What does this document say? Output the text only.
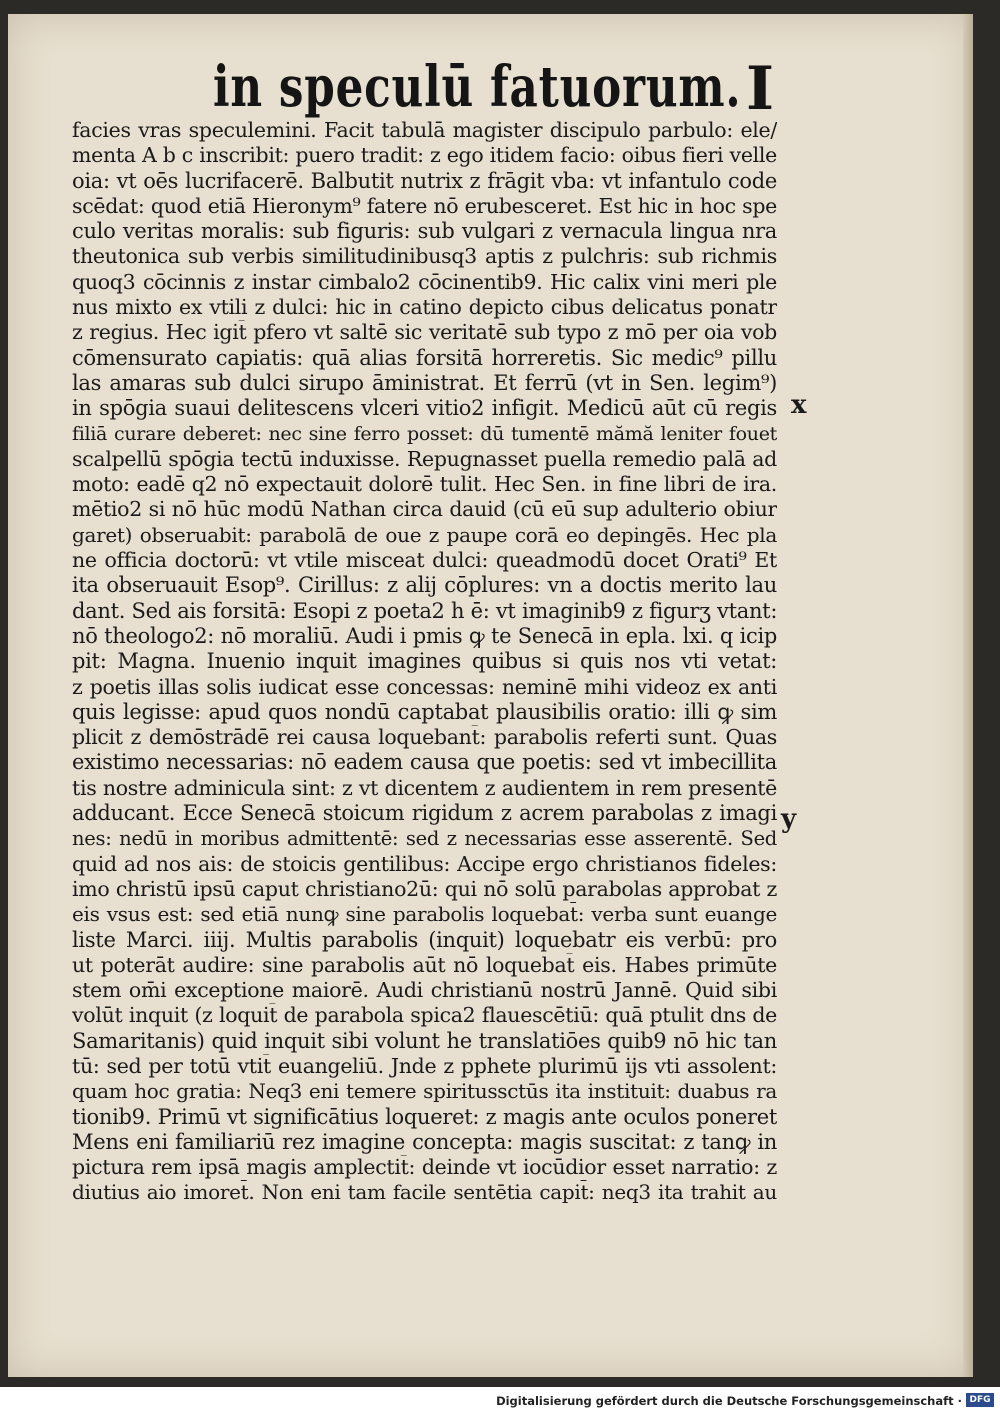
in speculū fatuorum. I
facies vras speculemini. Facit tabulā magister discipulo parbulo: ele/
menta A b c inscribit: puero tradit: z ego itidem facio: oibus fieri velle
oia: vt oēs lucrifacerē. Balbutit nutrix z frāgit vba: vt infantulo code
scēdat: quod etiā Hieronym⁹ fatere nō erubesceret. Est hic in hoc spe
culo veritas moralis: sub figuris: sub vulgari z vernacula lingua nra
theutonica sub verbis similitudinibusq3 aptis z pulchris: sub richmis
quoq3 cōcinnis z instar cimbalo2 cōcinentib9. Hic calix vini meri ple
nus mixto ex vtili z dulci: hic in catino depicto cibus delicatus ponatr
z regius. Hec igit̄ pfero vt saltē sic veritatē sub typo z mō per oia vob
cōmensurato capiatis: quā alias forsitā horreretis. Sic medic⁹ pillu
las amaras sub dulci sirupo āministrat. Et ferrū (vt in Sen. legim⁹)
in spōgia suaui delitescens vlceri vitio2 infigit. Medicū aūt cū regis
filiā curare deberet: nec sine ferro posset: dū tumentē mămă leniter fouet
scalpellū spōgia tectū induxisse. Repugnasset puella remedio palā ad
moto: eadē q2 nō expectauit dolorē tulit. Hec Sen. in fine libri de ira.
mētio2 si nō hūc modū Nathan circa dauid (cū eū sup adulterio obiur
garet) obseruabit: parabolā de oue z paupe corā eo depingēs. Hec pla
ne officia doctorū: vt vtile misceat dulci: queadmodū docet Orati⁹ Et
ita obseruauit Esop⁹. Cirillus: z alij cōplures: vn a doctis merito lau
dant̄. Sed ais forsitā: Esopi z poeta2 h ē: vt imaginib9 z figurʒ vtant:
nō theologo2: nō moraliū. Audi i pmis ꝙ te Senecā in epla. lxi. q icip
pit: Magna. Inuenio inquit imagines quibus si quis nos vti vetat:
z poetis illas solis iudicat esse concessas: neminē mihi videoz ex anti
quis legisse: apud quos nondū captabat plausibilis oratio: illi ꝙ sim
plicit z demōstrādē rei causa loquebant̄: parabolis referti sunt. Quas
existimo necessarias: nō eadem causa que poetis: sed vt imbecillita
tis nostre adminicula sint: z vt dicentem z audientem in rem presentē
adducant. Ecce Senecā stoicum rigidum z acrem parabolas z imagi
nes: nedū in moribus admittentē: sed z necessarias esse asserentē. Sed
quid ad nos ais: de stoicis gentilibus: Accipe ergo christianos fideles:
imo christū ipsū caput christiano2ū: qui nō solū parabolas approbat z
eis vsus est: sed etiā nunꝙ sine parabolis loquebat̄: verba sunt euange
liste Marci. iiij. Multis parabolis (inquit) loquebatr eis verbū: pro
ut poterāt audire: sine parabolis aūt nō loquebat̄ eis. Habes primūte
stem om̄i exceptione maiorē. Audi christianū nostrū Jannē. Quid sibi
volūt inquit (z loquit̄ de parabola spica2 flauescētiū: quā ptulit dns de
Samaritanis) quid inquit sibi volunt he translatiōes quib9 nō hic tan
tū: sed per totū vtit̄ euangeliū. Jnde z pphete plurimū ijs vti assolent:
quam hoc gratia: Neq3 eni temere spiritussctūs ita instituit: duabus ra
tionib9. Primū vt significātius loqueret̄: z magis ante oculos poneret
Mens eni familiariū rez imagine concepta: magis suscitat̄: z tanꝙ in
pictura rem ipsā magis amplectit̄: deinde vt iocūdior esset narratio: z
diutius aio imoret̄. Non eni tam facile sentētia capit̄: neq3 ita trahit au
x
y
Digitalisierung gefördert durch die Deutsche Forschungsgemeinschaft · DFG
